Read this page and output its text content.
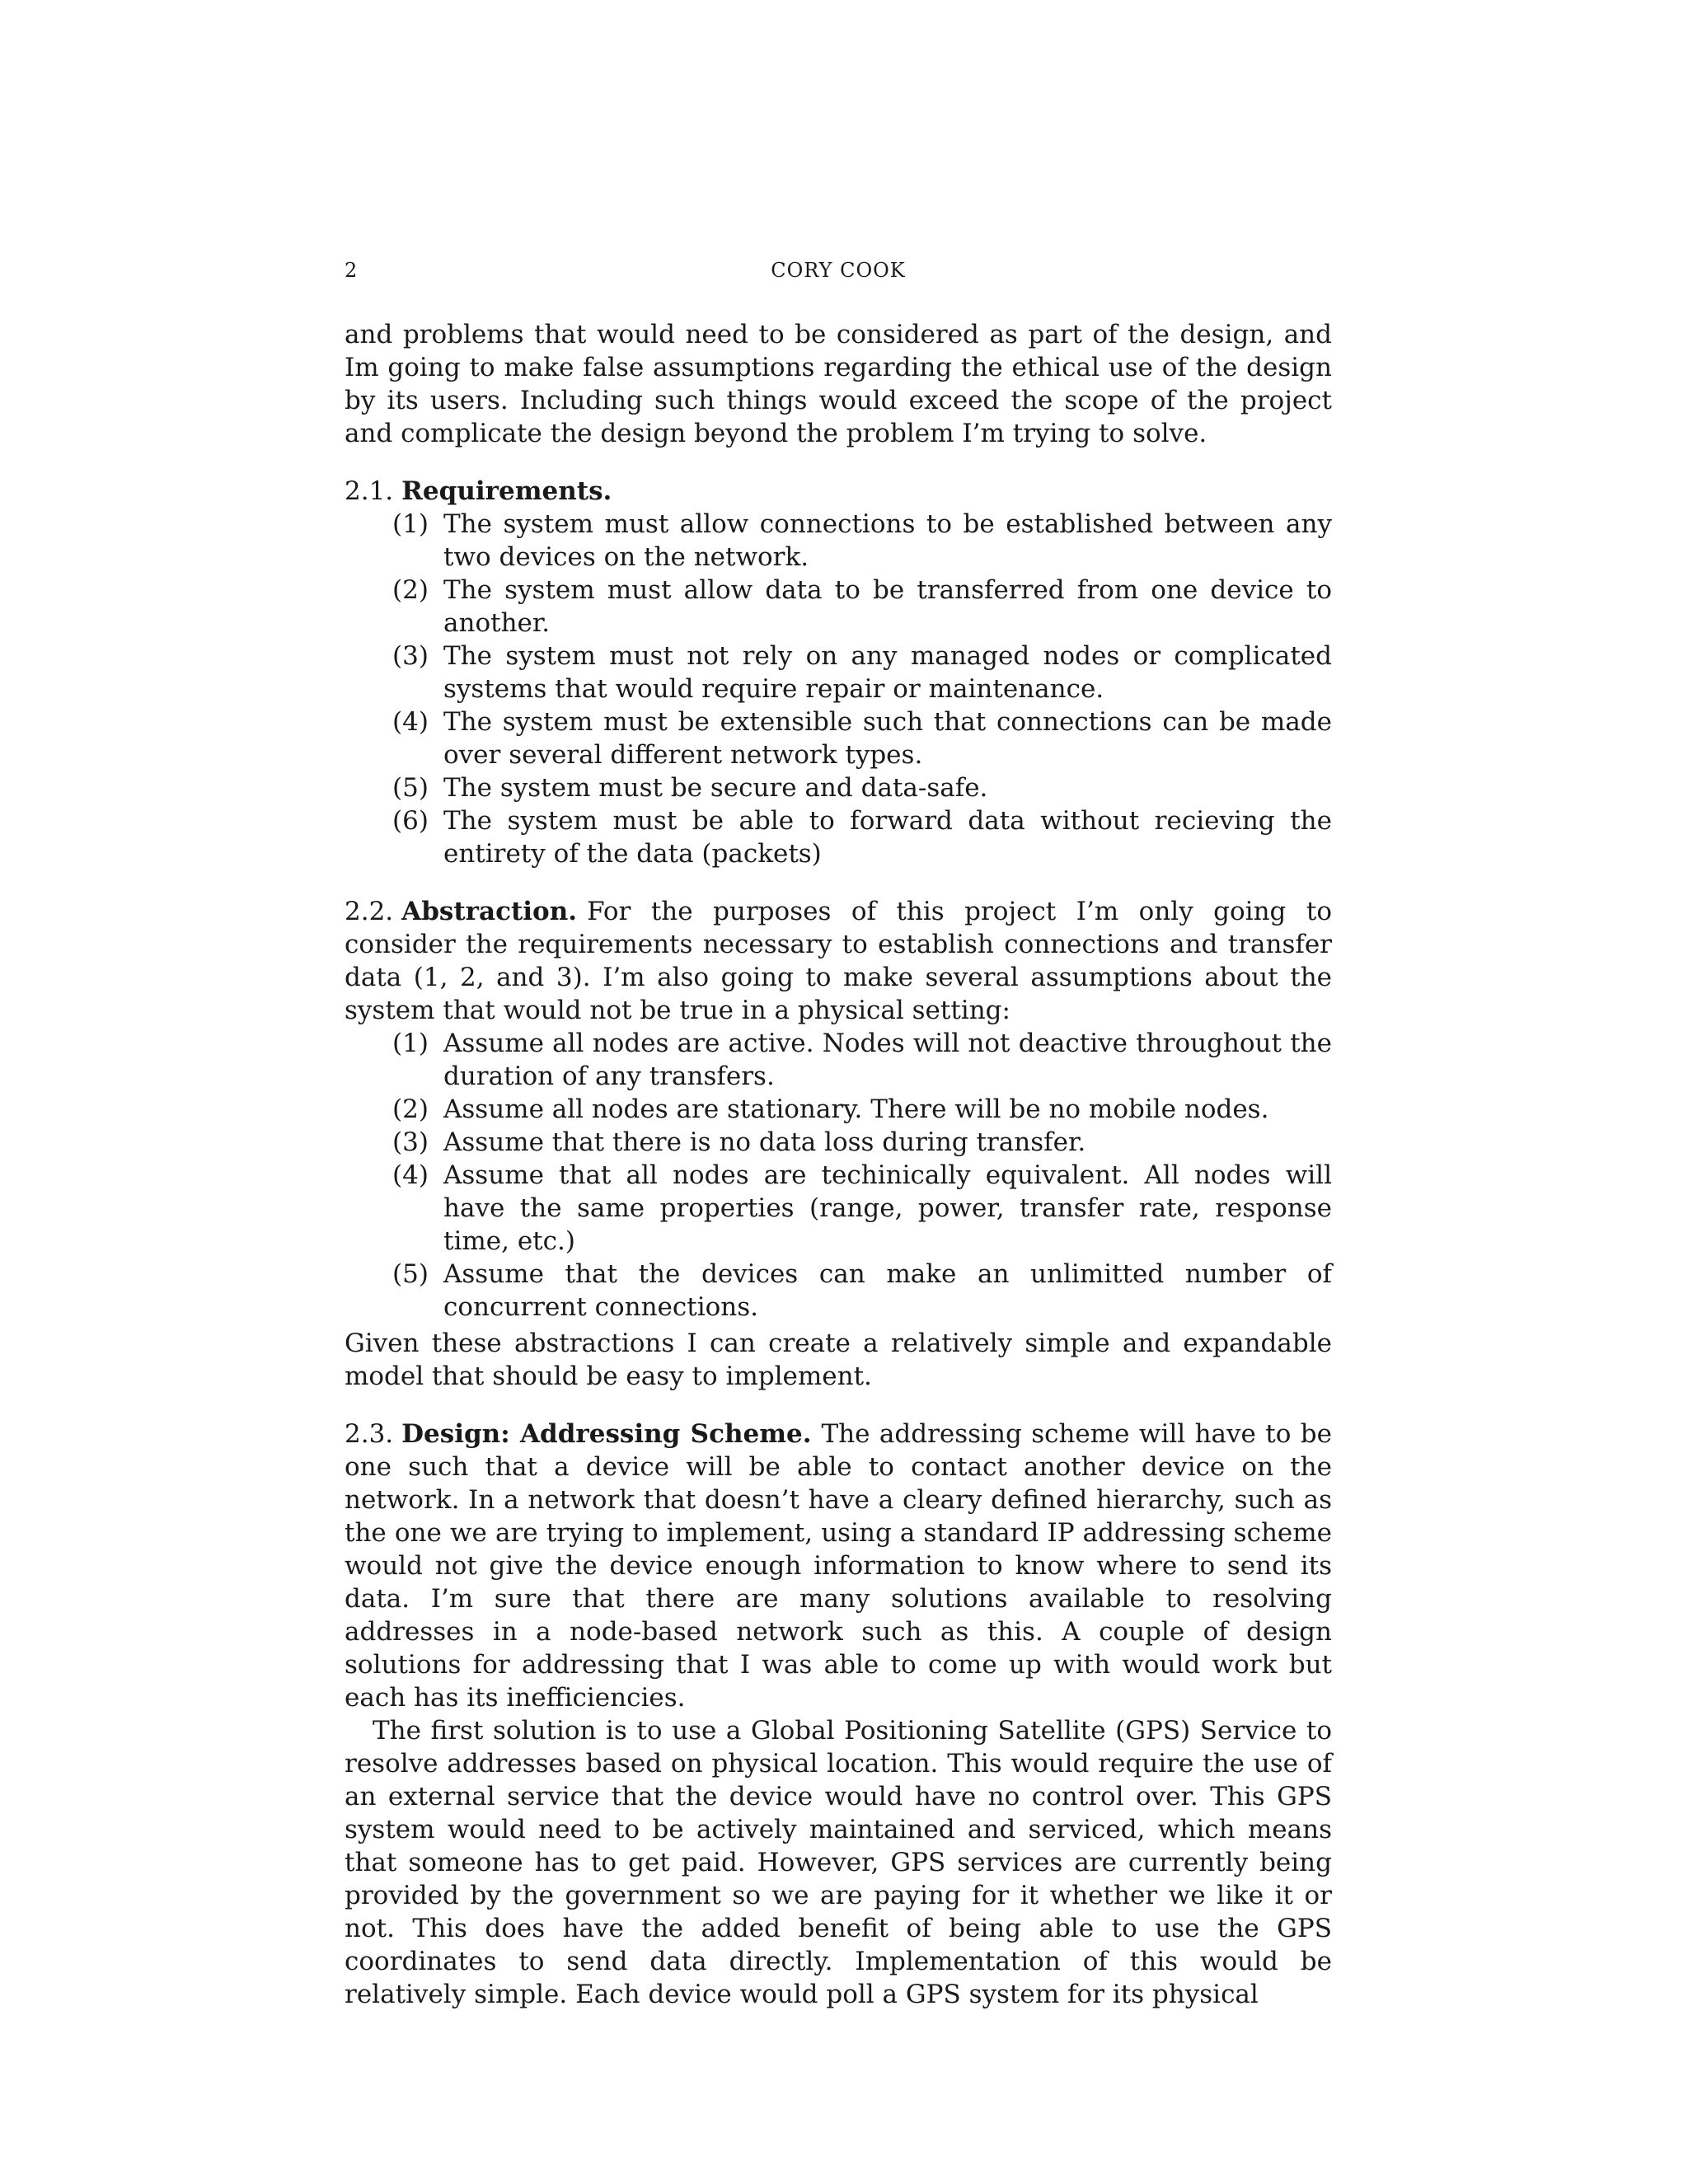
2	CORY COOK

and problems that would need to be considered as part of the design, and Im going to make false assumptions regarding the ethical use of the design by its users. Including such things would exceed the scope of the project and complicate the design beyond the problem I’m trying to solve.

2.1. Requirements.

(1) The system must allow connections to be established between any two devices on the network.
(2) The system must allow data to be transferred from one device to another.
(3) The system must not rely on any managed nodes or complicated systems that would require repair or maintenance.
(4) The system must be extensible such that connections can be made over several different network types.
(5) The system must be secure and data-safe.
(6) The system must be able to forward data without recieving the entirety of the data (packets)

2.2. Abstraction. For the purposes of this project I’m only going to consider the requirements necessary to establish connections and transfer data (1, 2, and 3). I’m also going to make several assumptions about the system that would not be true in a physical setting:

(1) Assume all nodes are active. Nodes will not deactive throughout the duration of any transfers.
(2) Assume all nodes are stationary. There will be no mobile nodes.
(3) Assume that there is no data loss during transfer.
(4) Assume that all nodes are techinically equivalent. All nodes will have the same properties (range, power, transfer rate, response time, etc.)
(5) Assume that the devices can make an unlimitted number of concurrent connections.

Given these abstractions I can create a relatively simple and expandable model that should be easy to implement.

2.3. Design: Addressing Scheme. The addressing scheme will have to be one such that a device will be able to contact another device on the network. In a network that doesn’t have a cleary defined hierarchy, such as the one we are trying to implement, using a standard IP addressing scheme would not give the device enough information to know where to send its data. I’m sure that there are many solutions available to resolving addresses in a node-based network such as this. A couple of design solutions for addressing that I was able to come up with would work but each has its inefficiencies.

The first solution is to use a Global Positioning Satellite (GPS) Service to resolve addresses based on physical location. This would require the use of an external service that the device would have no control over. This GPS system would need to be actively maintained and serviced, which means that someone has to get paid. However, GPS services are currently being provided by the government so we are paying for it whether we like it or not. This does have the added benefit of being able to use the GPS coordinates to send data directly. Implementation of this would be relatively simple. Each device would poll a GPS system for its physical
